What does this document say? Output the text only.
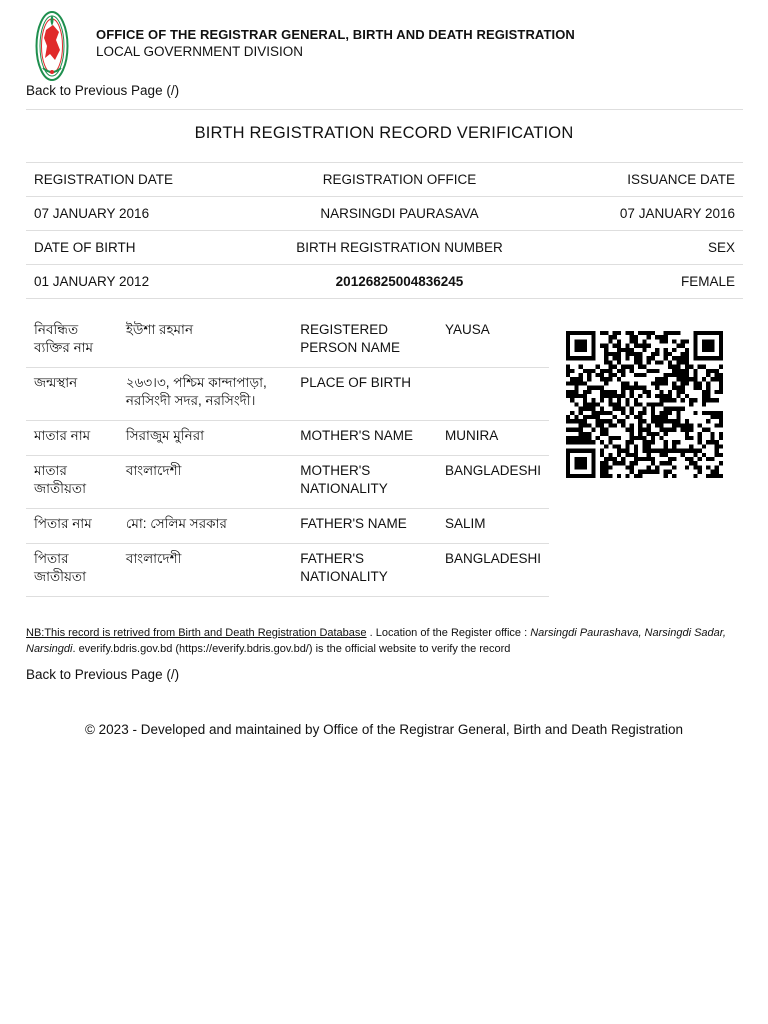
OFFICE OF THE REGISTRAR GENERAL, BIRTH AND DEATH REGISTRATION
LOCAL GOVERNMENT DIVISION
Back to Previous Page (/)
BIRTH REGISTRATION RECORD VERIFICATION
REGISTRATION DATE	REGISTRATION OFFICE	ISSUANCE DATE
07 JANUARY 2016	NARSINGDI PAURASAVA	07 JANUARY 2016
DATE OF BIRTH	BIRTH REGISTRATION NUMBER	SEX
01 JANUARY 2012	20126825004836245	FEMALE
নিবন্ধিত ব্যক্তির নাম	ইউশা রহমান	REGISTERED PERSON NAME	YAUSA
জন্মস্থান	২৬৩।৩, পশ্চিম কান্দাপাড়া, নরসিংদী সদর, নরসিংদী।	PLACE OF BIRTH	
মাতার নাম	সিরাজুম মুনিরা	MOTHER'S NAME	MUNIRA
মাতার জাতীয়তা	বাংলাদেশী	MOTHER'S NATIONALITY	BANGLADESHI
পিতার নাম	মো: সেলিম সরকার	FATHER'S NAME	SALIM
পিতার জাতীয়তা	বাংলাদেশী	FATHER'S NATIONALITY	BANGLADESHI
NB:This record is retrived from Birth and Death Registration Database . Location of the Register office : Narsingdi Paurashava, Narsingdi Sadar, Narsingdi. everify.bdris.gov.bd (https://everify.bdris.gov.bd/) is the official website to verify the record
Back to Previous Page (/)
© 2023 - Developed and maintained by Office of the Registrar General, Birth and Death Registration
